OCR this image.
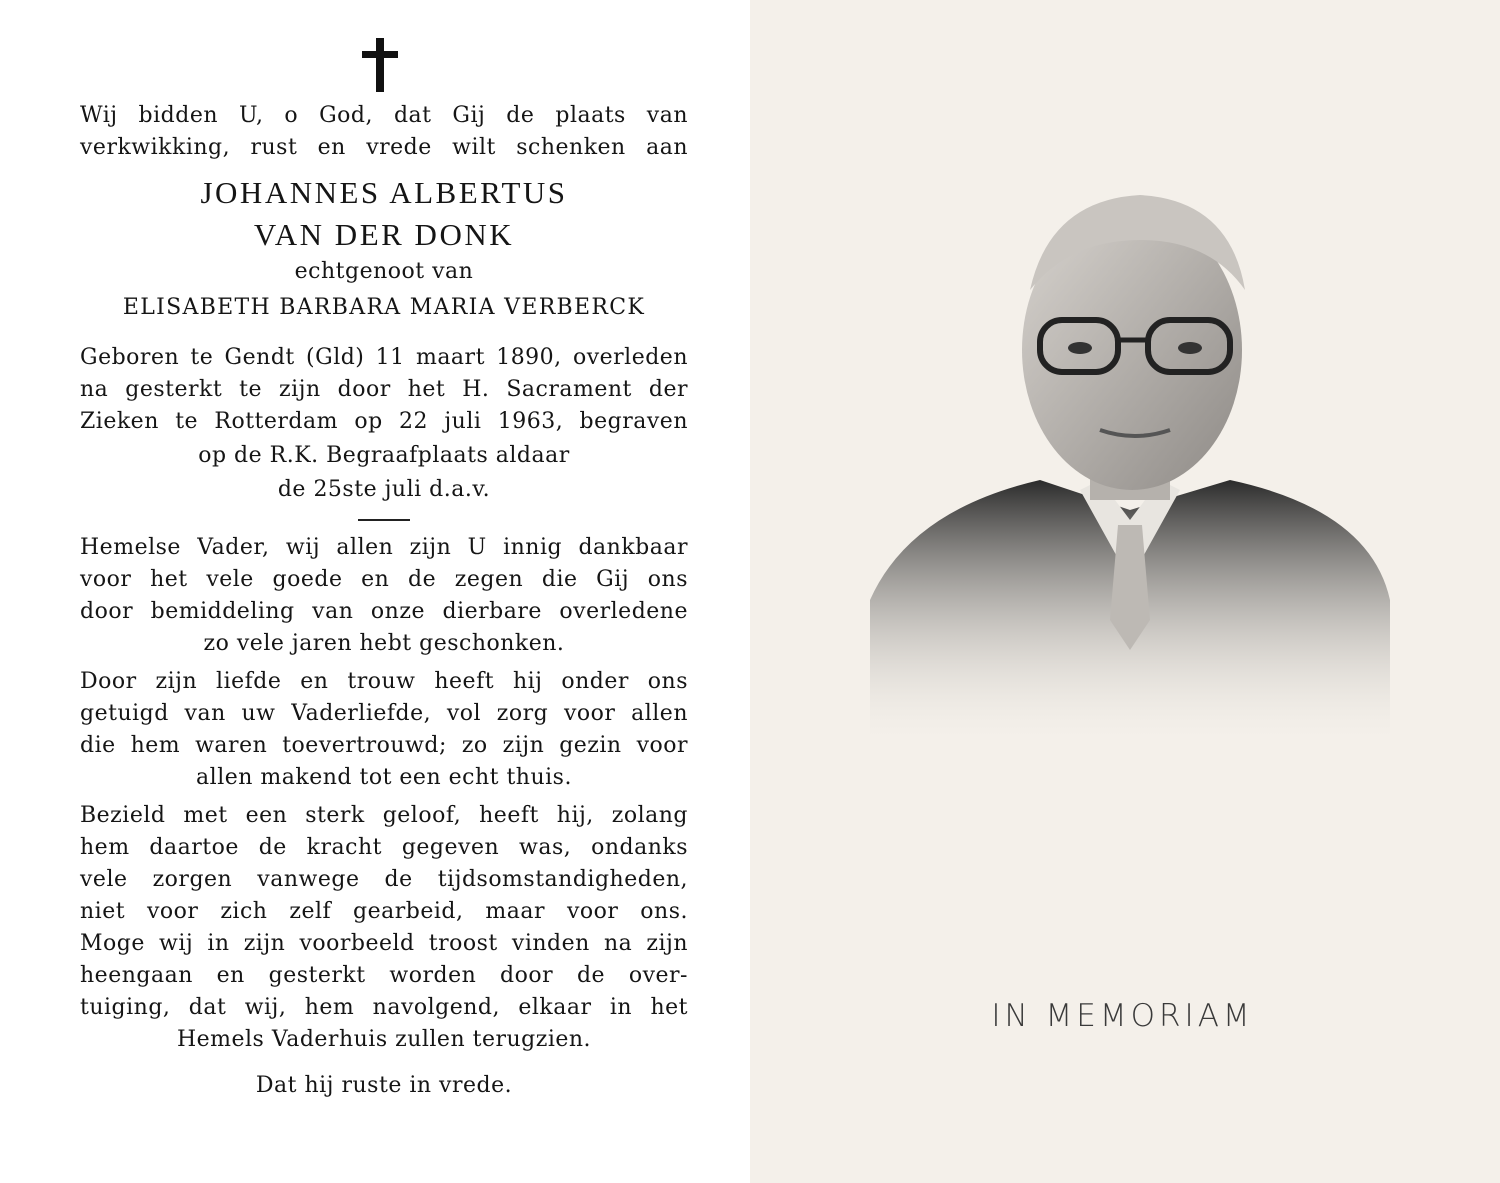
Wij bidden U, o God, dat Gij de plaats van
verkwikking, rust en vrede wilt schenken aan
JOHANNES ALBERTUS
VAN DER DONK
echtgenoot van
ELISABETH BARBARA MARIA VERBERCK
Geboren te Gendt (Gld) 11 maart 1890, overleden
na gesterkt te zijn door het H. Sacrament der
Zieken te Rotterdam op 22 juli 1963, begraven
op de R.K. Begraafplaats aldaar
de 25ste juli d.a.v.
Hemelse Vader, wij allen zijn U innig dankbaar
voor het vele goede en de zegen die Gij ons
door bemiddeling van onze dierbare overledene
zo vele jaren hebt geschonken.
Door zijn liefde en trouw heeft hij onder ons
getuigd van uw Vaderliefde, vol zorg voor allen
die hem waren toevertrouwd; zo zijn gezin voor
allen makend tot een echt thuis.
Bezield met een sterk geloof, heeft hij, zolang
hem daartoe de kracht gegeven was, ondanks
vele zorgen vanwege de tijdsomstandigheden,
niet voor zich zelf gearbeid, maar voor ons.
Moge wij in zijn voorbeeld troost vinden na zijn
heengaan en gesterkt worden door de over-
tuiging, dat wij, hem navolgend, elkaar in het
Hemels Vaderhuis zullen terugzien.
Dat hij ruste in vrede.
IN MEMORIAM
